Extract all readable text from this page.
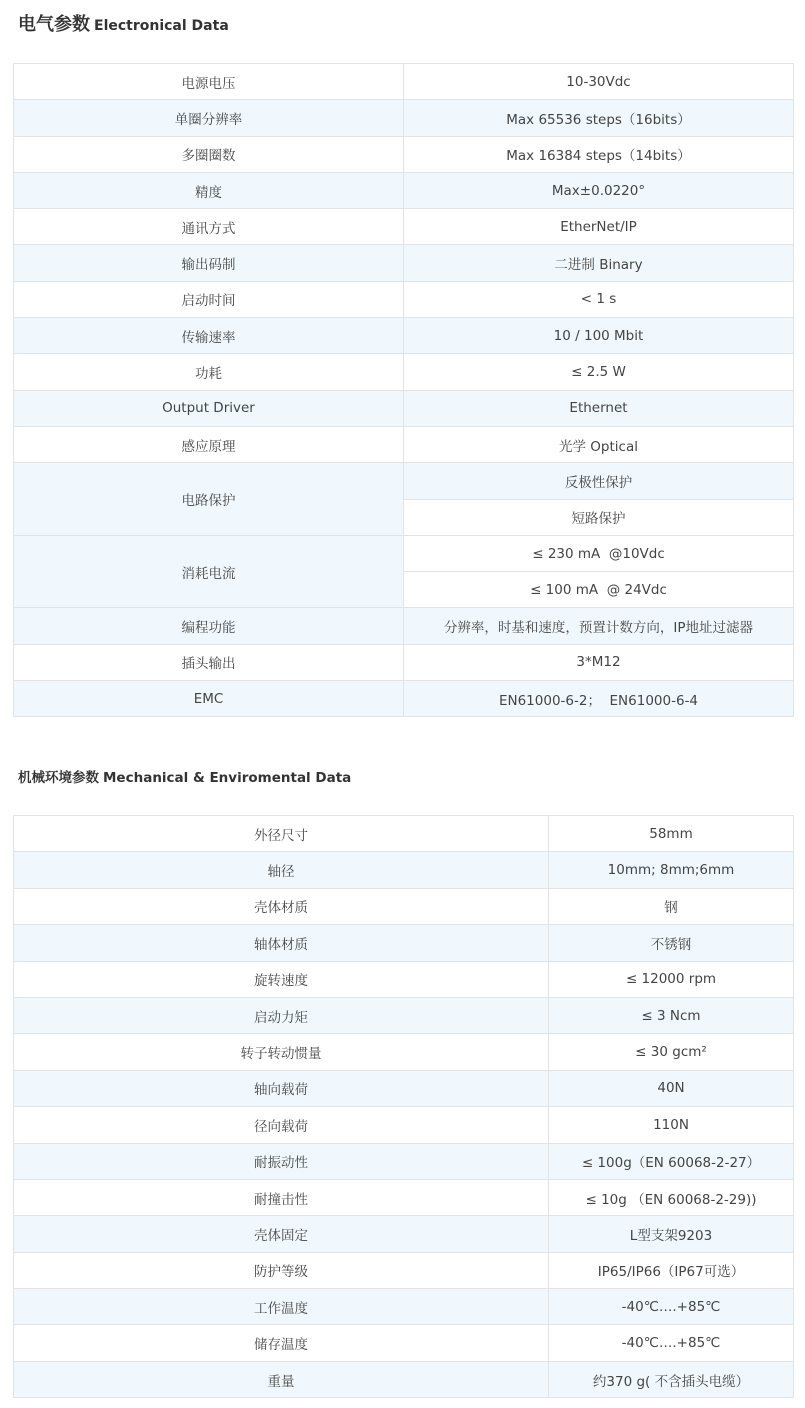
电气参数 Electronical Data
电源电压	10-30Vdc
单圈分辨率	Max 65536 steps（16bits）
多圈圈数	Max 16384 steps（14bits）
精度	Max±0.0220°
通讯方式	EtherNet/IP
输出码制	二进制 Binary
启动时间	< 1 s
传输速率	10 / 100 Mbit
功耗	≤ 2.5 W
Output Driver	Ethernet
感应原理	光学 Optical
电路保护	反极性保护
	短路保护
消耗电流	≤ 230 mA  @10Vdc
	≤ 100 mA  @ 24Vdc
编程功能	分辨率，时基和速度，预置计数方向，IP地址过滤器
插头输出	3*M12
EMC	EN61000-6-2；  EN61000-6-4
机械环境参数 Mechanical & Enviromental Data
外径尺寸	58mm
轴径	10mm; 8mm;6mm
壳体材质	钢
轴体材质	不锈钢
旋转速度	≤ 12000 rpm
启动力矩	≤ 3 Ncm
转子转动惯量	≤ 30 gcm²
轴向载荷	40N
径向载荷	110N
耐振动性	≤ 100g（EN 60068-2-27）
耐撞击性	≤ 10g （EN 60068-2-29))
壳体固定	L型支架9203
防护等级	IP65/IP66（IP67可选）
工作温度	-40℃….+85℃
储存温度	-40℃….+85℃
重量	约370 g( 不含插头电缆）
